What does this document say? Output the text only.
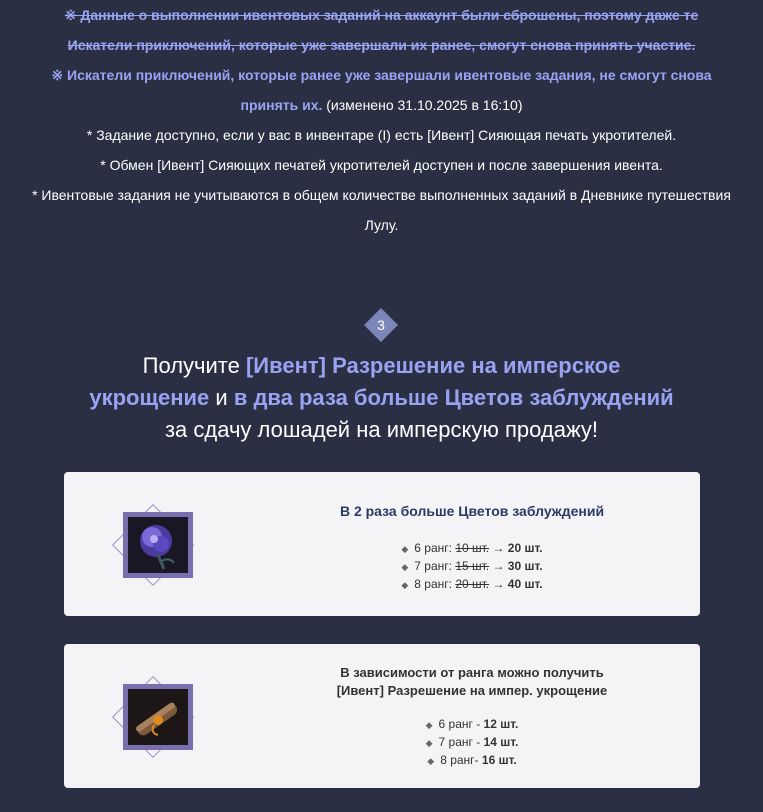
※ Данные о выполнении ивентовых заданий на аккаунт были сброшены, поэтому даже те
Искатели приключений, которые уже завершали их ранее, смогут снова принять участие.
※ Искатели приключений, которые ранее уже завершали ивентовые задания, не смогут снова
принять их. (изменено 31.10.2025 в 16:10)
* Задание доступно, если у вас в инвентаре (I) есть [Ивент] Сияющая печать укротителей.
* Обмен [Ивент] Сияющих печатей укротителей доступен и после завершения ивента.
* Ивентовые задания не учитываются в общем количестве выполненных заданий в Дневнике путешествия
Лулу.
3
Получите [Ивент] Разрешение на имперское
укрощение и в два раза больше Цветов заблуждений
за сдачу лошадей на имперскую продажу!
В 2 раза больше Цветов заблуждений
◆ 6 ранг: 10 шт. → 20 шт.
◆ 7 ранг: 15 шт. → 30 шт.
◆ 8 ранг: 20 шт. → 40 шт.
В зависимости от ранга можно получить
[Ивент] Разрешение на импер. укрощение
◆ 6 ранг - 12 шт.
◆ 7 ранг - 14 шт.
◆ 8 ранг- 16 шт.
